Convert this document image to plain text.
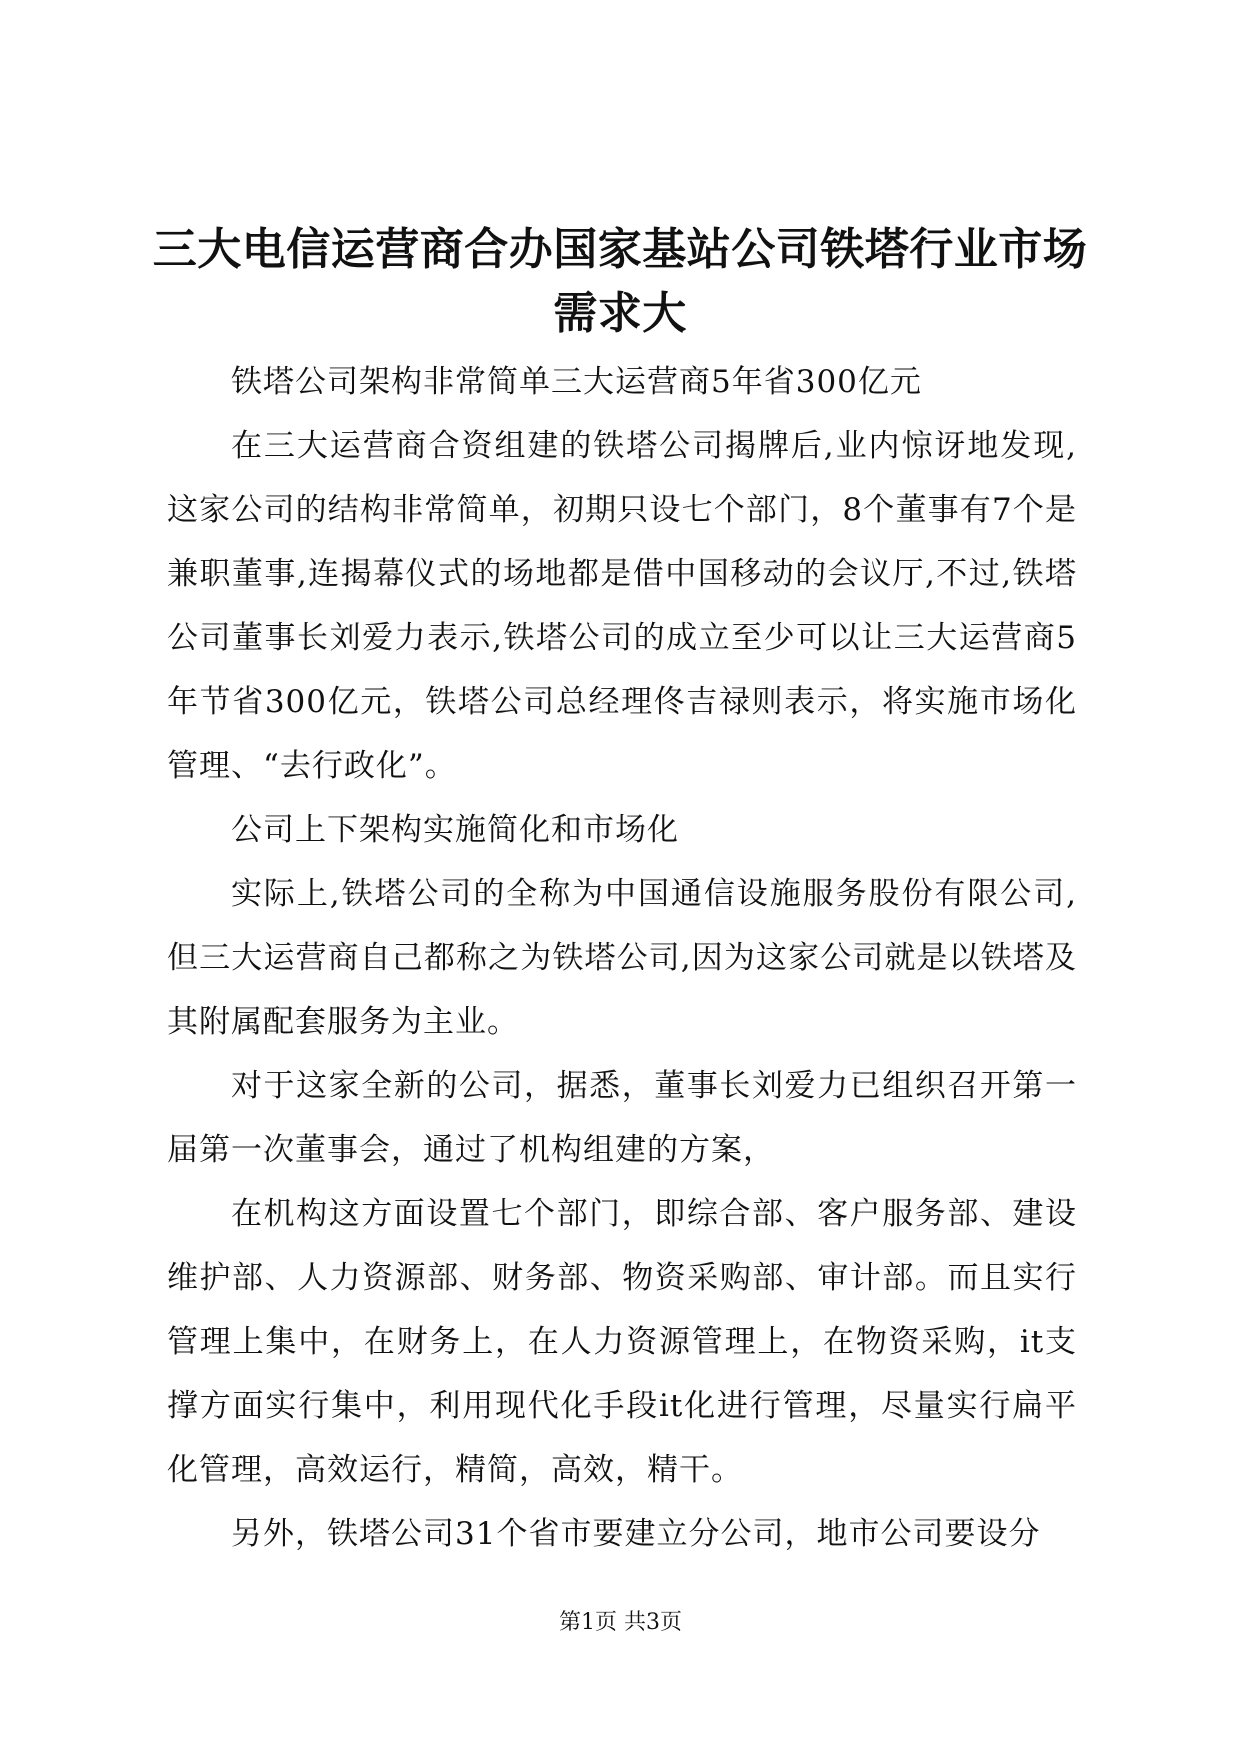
三大电信运营商合办国家基站公司铁塔行业市场需求大

铁塔公司架构非常简单三大运营商5年省300亿元

在三大运营商合资组建的铁塔公司揭牌后,业内惊讶地发现,这家公司的结构非常简单，初期只设七个部门，8个董事有7个是兼职董事,连揭幕仪式的场地都是借中国移动的会议厅,不过,铁塔公司董事长刘爱力表示,铁塔公司的成立至少可以让三大运营商5年节省300亿元，铁塔公司总经理佟吉禄则表示，将实施市场化管理、“去行政化”。

公司上下架构实施简化和市场化

实际上,铁塔公司的全称为中国通信设施服务股份有限公司,但三大运营商自己都称之为铁塔公司,因为这家公司就是以铁塔及其附属配套服务为主业。

对于这家全新的公司，据悉，董事长刘爱力已组织召开第一届第一次董事会，通过了机构组建的方案，

在机构这方面设置七个部门，即综合部、客户服务部、建设维护部、人力资源部、财务部、物资采购部、审计部。而且实行管理上集中，在财务上，在人力资源管理上，在物资采购，it支撑方面实行集中，利用现代化手段it化进行管理，尽量实行扁平化管理，高效运行，精简，高效，精干。

另外，铁塔公司31个省市要建立分公司，地市公司要设分

第1页 共3页
